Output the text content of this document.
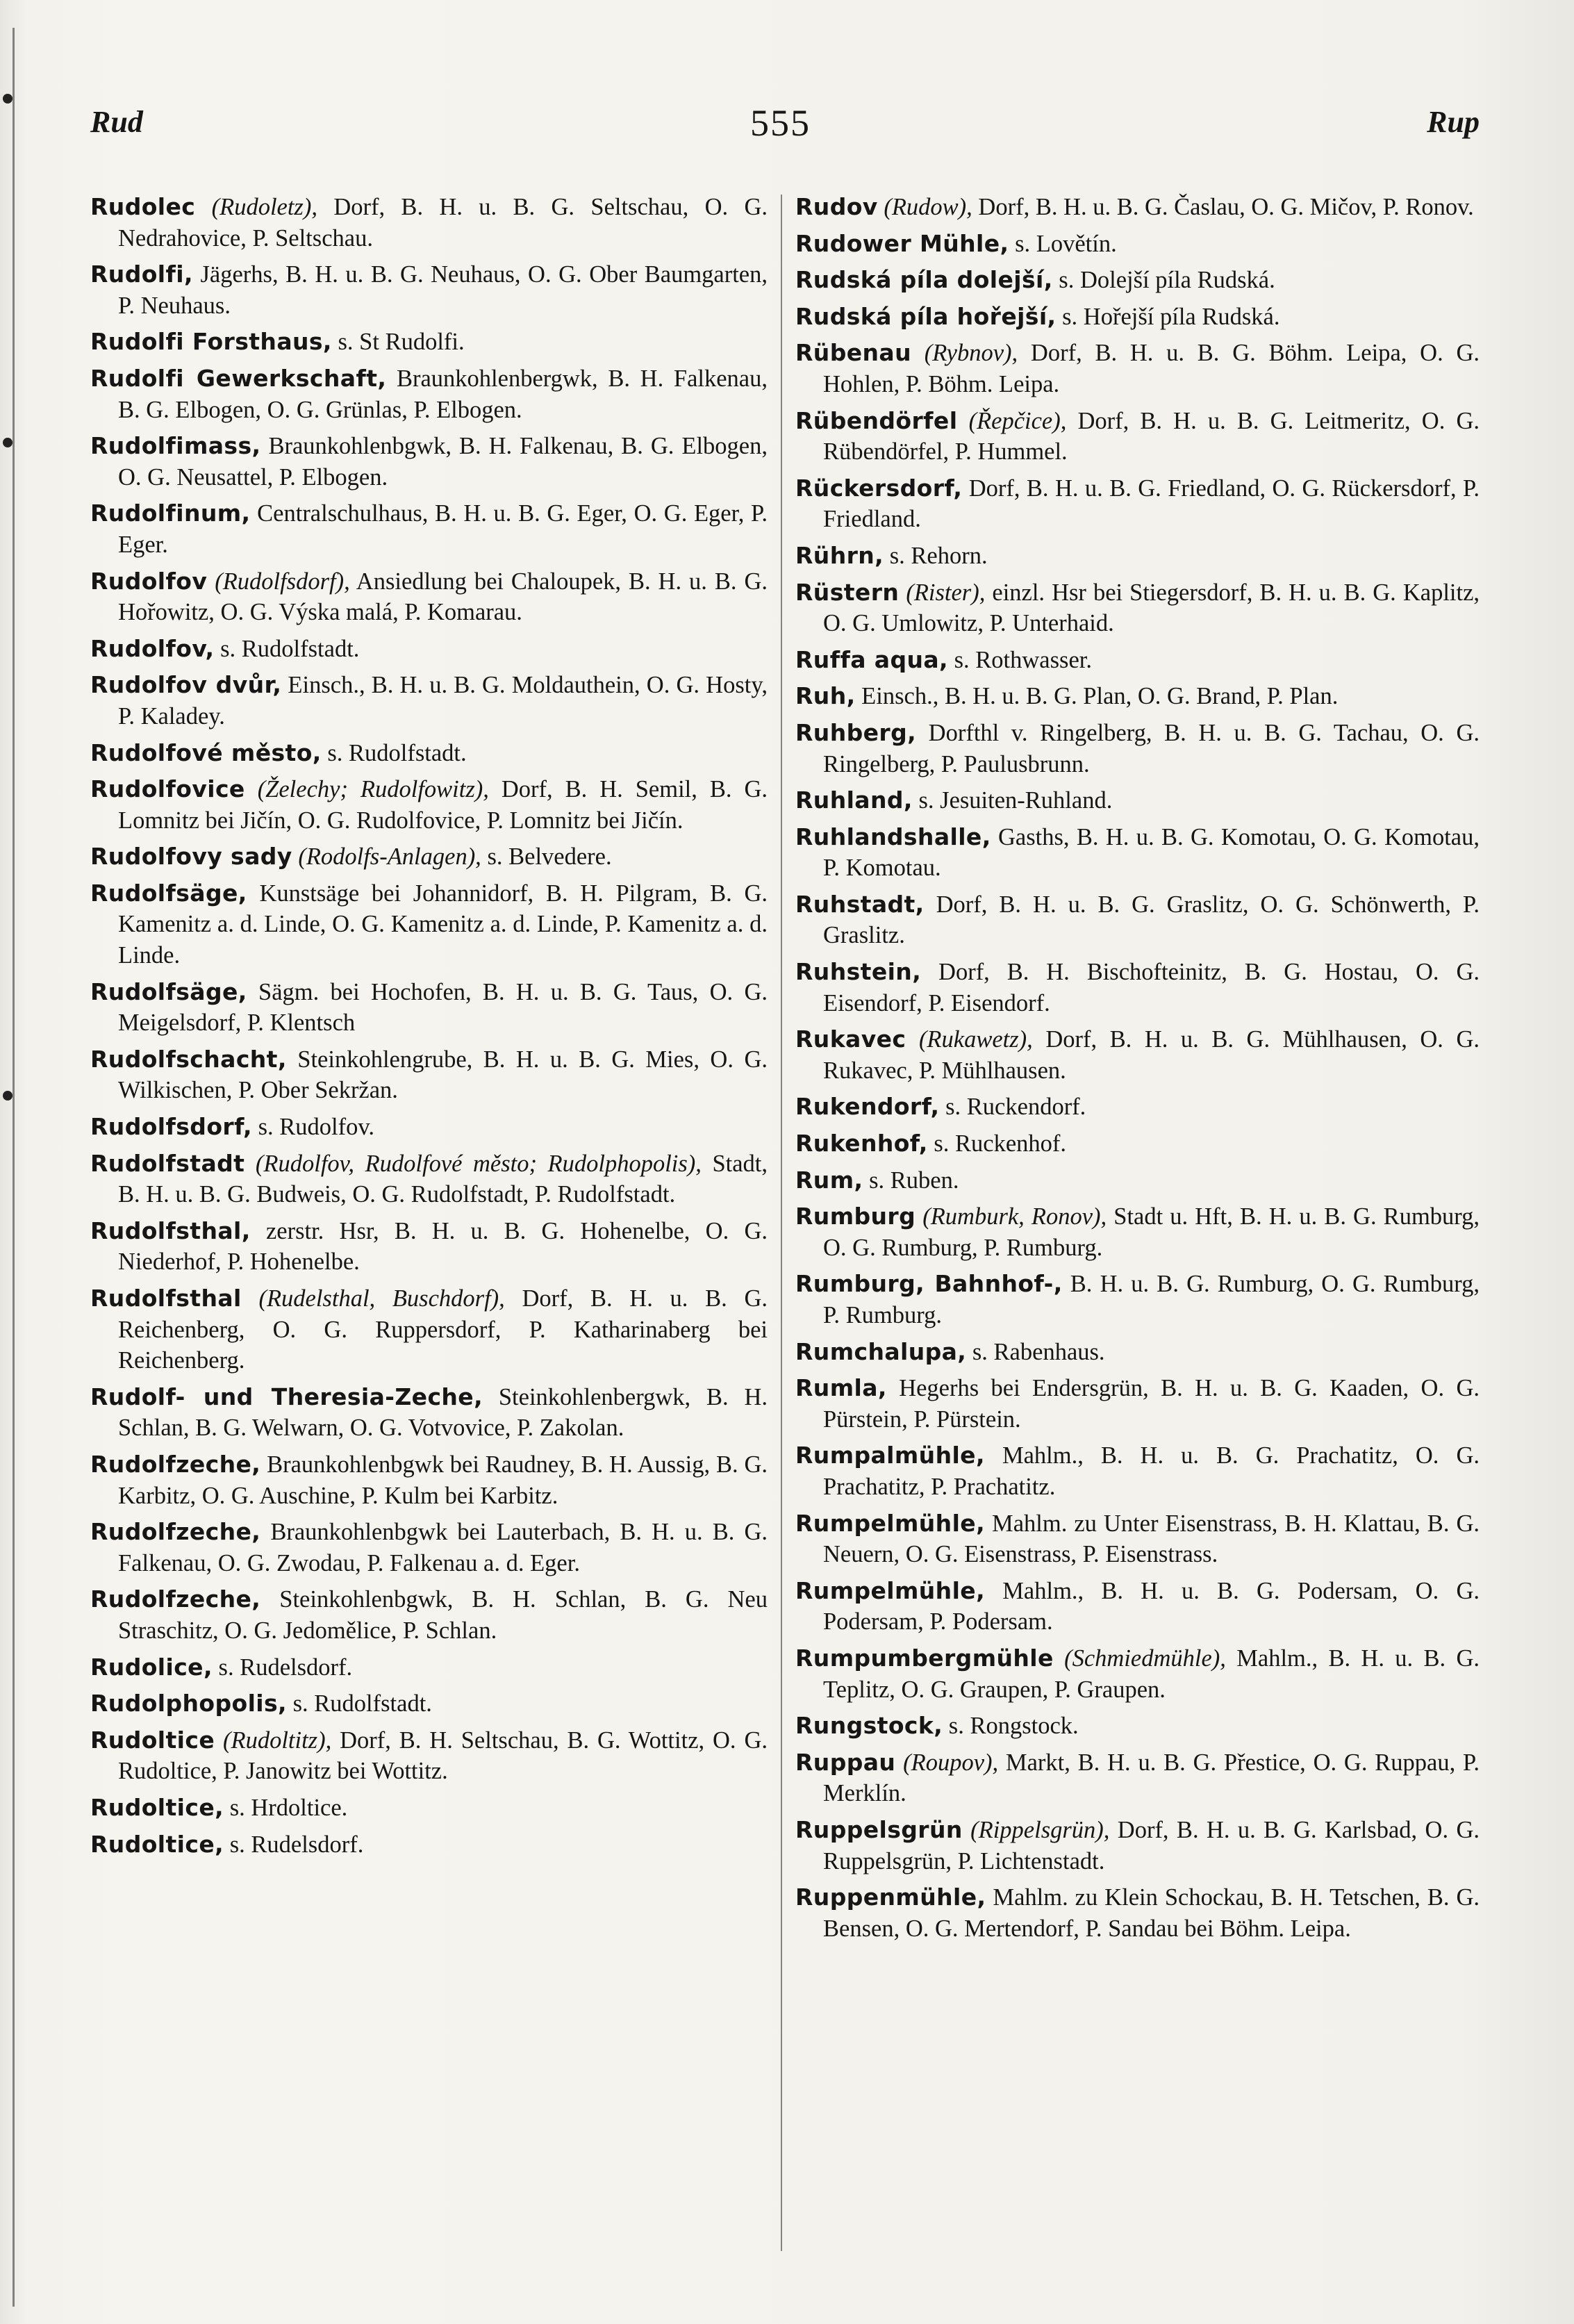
Rud	555	Rup
Rudolec (Rudoletz), Dorf, B. H. u. B. G. Seltschau, O. G. Nedrahovice, P. Seltschau.
Rudolfi, Jägerhs, B. H. u. B. G. Neuhaus, O. G. Ober Baumgarten, P. Neuhaus.
Rudolfi Forsthaus, s. St Rudolfi.
Rudolfi Gewerkschaft, Braunkohlenbergwk, B. H. Falkenau, B. G. Elbogen, O. G. Grünlas, P. Elbogen.
Rudolfimass, Braunkohlenbgwk, B. H. Falkenau, B. G. Elbogen, O. G. Neusattel, P. Elbogen.
Rudolfinum, Centralschulhaus, B. H. u. B. G. Eger, O. G. Eger, P. Eger.
Rudolfov (Rudolfsdorf), Ansiedlung bei Chaloupek, B. H. u. B. G. Hořowitz, O. G. Výska malá, P. Komarau.
Rudolfov, s. Rudolfstadt.
Rudolfov dvůr, Einsch., B. H. u. B. G. Moldauthein, O. G. Hosty, P. Kaladey.
Rudolfové město, s. Rudolfstadt.
Rudolfovice (Želechy; Rudolfowitz), Dorf, B. H. Semil, B. G. Lomnitz bei Jičín, O. G. Rudolfovice, P. Lomnitz bei Jičín.
Rudolfovy sady (Rodolfs-Anlagen), s. Belvedere.
Rudolfsäge, Kunstsäge bei Johannidorf, B. H. Pilgram, B. G. Kamenitz a. d. Linde, O. G. Kamenitz a. d. Linde, P. Kamenitz a. d. Linde.
Rudolfsäge, Sägm. bei Hochofen, B. H. u. B. G. Taus, O. G. Meigelsdorf, P. Klentsch
Rudolfschacht, Steinkohlengrube, B. H. u. B. G. Mies, O. G. Wilkischen, P. Ober Sekržan.
Rudolfsdorf, s. Rudolfov.
Rudolfstadt (Rudolfov, Rudolfové město; Rudolphopolis), Stadt, B. H. u. B. G. Budweis, O. G. Rudolfstadt, P. Rudolfstadt.
Rudolfsthal, zerstr. Hsr, B. H. u. B. G. Hohenelbe, O. G. Niederhof, P. Hohenelbe.
Rudolfsthal (Rudelsthal, Buschdorf), Dorf, B. H. u. B. G. Reichenberg, O. G. Ruppersdorf, P. Katharinaberg bei Reichenberg.
Rudolf- und Theresia-Zeche, Steinkohlenbergwk, B. H. Schlan, B. G. Welwarn, O. G. Votvovice, P. Zakolan.
Rudolfzeche, Braunkohlenbgwk bei Raudney, B. H. Aussig, B. G. Karbitz, O. G. Auschine, P. Kulm bei Karbitz.
Rudolfzeche, Braunkohlenbgwk bei Lauterbach, B. H. u. B. G. Falkenau, O. G. Zwodau, P. Falkenau a. d. Eger.
Rudolfzeche, Steinkohlenbgwk, B. H. Schlan, B. G. Neu Straschitz, O. G. Jedomělice, P. Schlan.
Rudolice, s. Rudelsdorf.
Rudolphopolis, s. Rudolfstadt.
Rudoltice (Rudoltitz), Dorf, B. H. Seltschau, B. G. Wottitz, O. G. Rudoltice, P. Janowitz bei Wottitz.
Rudoltice, s. Hrdoltice.
Rudoltice, s. Rudelsdorf.
Rudov (Rudow), Dorf, B. H. u. B. G. Časlau, O. G. Mičov, P. Ronov.
Rudower Mühle, s. Lovětín.
Rudská píla dolejší, s. Dolejší píla Rudská.
Rudská píla hořejší, s. Hořejší píla Rudská.
Rübenau (Rybnov), Dorf, B. H. u. B. G. Böhm. Leipa, O. G. Hohlen, P. Böhm. Leipa.
Rübendörfel (Řepčice), Dorf, B. H. u. B. G. Leitmeritz, O. G. Rübendörfel, P. Hummel.
Rückersdorf, Dorf, B. H. u. B. G. Friedland, O. G. Rückersdorf, P. Friedland.
Rührn, s. Rehorn.
Rüstern (Rister), einzl. Hsr bei Stiegersdorf, B. H. u. B. G. Kaplitz, O. G. Umlowitz, P. Unterhaid.
Ruffa aqua, s. Rothwasser.
Ruh, Einsch., B. H. u. B. G. Plan, O. G. Brand, P. Plan.
Ruhberg, Dorfthl v. Ringelberg, B. H. u. B. G. Tachau, O. G. Ringelberg, P. Paulusbrunn.
Ruhland, s. Jesuiten-Ruhland.
Ruhlandshalle, Gasths, B. H. u. B. G. Komotau, O. G. Komotau, P. Komotau.
Ruhstadt, Dorf, B. H. u. B. G. Graslitz, O. G. Schönwerth, P. Graslitz.
Ruhstein, Dorf, B. H. Bischofteinitz, B. G. Hostau, O. G. Eisendorf, P. Eisendorf.
Rukavec (Rukawetz), Dorf, B. H. u. B. G. Mühlhausen, O. G. Rukavec, P. Mühlhausen.
Rukendorf, s. Ruckendorf.
Rukenhof, s. Ruckenhof.
Rum, s. Ruben.
Rumburg (Rumburk, Ronov), Stadt u. Hft, B. H. u. B. G. Rumburg, O. G. Rumburg, P. Rumburg.
Rumburg, Bahnhof-, B. H. u. B. G. Rumburg, O. G. Rumburg, P. Rumburg.
Rumchalupa, s. Rabenhaus.
Rumla, Hegerhs bei Endersgrün, B. H. u. B. G. Kaaden, O. G. Pürstein, P. Pürstein.
Rumpalmühle, Mahlm., B. H. u. B. G. Prachatitz, O. G. Prachatitz, P. Prachatitz.
Rumpelmühle, Mahlm. zu Unter Eisenstrass, B. H. Klattau, B. G. Neuern, O. G. Eisenstrass, P. Eisenstrass.
Rumpelmühle, Mahlm., B. H. u. B. G. Podersam, O. G. Podersam, P. Podersam.
Rumpumbergmühle (Schmiedmühle), Mahlm., B. H. u. B. G. Teplitz, O. G. Graupen, P. Graupen.
Rungstock, s. Rongstock.
Ruppau (Roupov), Markt, B. H. u. B. G. Přestice, O. G. Ruppau, P. Merklín.
Ruppelsgrün (Rippelsgrün), Dorf, B. H. u. B. G. Karlsbad, O. G. Ruppelsgrün, P. Lichtenstadt.
Ruppenmühle, Mahlm. zu Klein Schockau, B. H. Tetschen, B. G. Bensen, O. G. Mertendorf, P. Sandau bei Böhm. Leipa.
